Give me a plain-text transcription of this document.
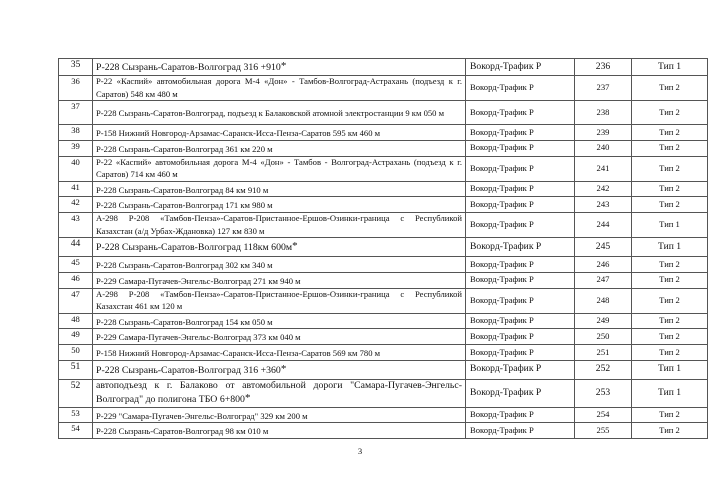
35	Р-228 Сызрань-Саратов-Волгоград 316 +910*	Вокорд-Трафик Р	236	Тип 1
36	Р-22 «Каспий» автомобильная дорога М-4 «Дон» - Тамбов-Волгоград-Астрахань (подъезд к г. Саратов) 548 км 480 м	Вокорд-Трафик Р	237	Тип 2
37	Р-228 Сызрань-Саратов-Волгоград, подъезд к Балаковской атомной электростанции 9 км 050 м	Вокорд-Трафик Р	238	Тип 2
38	Р-158 Нижний Новгород-Арзамас-Саранск-Исса-Пенза-Саратов 595 км 460 м	Вокорд-Трафик Р	239	Тип 2
39	Р-228 Сызрань-Саратов-Волгоград 361 км 220 м	Вокорд-Трафик Р	240	Тип 2
40	Р-22 «Каспий» автомобильная дорога М-4 «Дон» - Тамбов - Волгоград-Астрахань (подъезд к г. Саратов) 714 км 460 м	Вокорд-Трафик Р	241	Тип 2
41	Р-228 Сызрань-Саратов-Волгоград 84 км 910 м	Вокорд-Трафик Р	242	Тип 2
42	Р-228 Сызрань-Саратов-Волгоград 171 км 980 м	Вокорд-Трафик Р	243	Тип 2
43	А-298 Р-208 «Тамбов-Пенза»-Саратов-Пристанное-Ершов-Озинки-граница с Республикой Казахстан (а/д Урбах-Ждановка) 127 км 830 м	Вокорд-Трафик Р	244	Тип 1
44	Р-228 Сызрань-Саратов-Волгоград 118км 600м*	Вокорд-Трафик Р	245	Тип 1
45	Р-228 Сызрань-Саратов-Волгоград 302 км 340 м	Вокорд-Трафик Р	246	Тип 2
46	Р-229 Самара-Пугачев-Энгельс-Волгоград 271 км 940 м	Вокорд-Трафик Р	247	Тип 2
47	А-298 Р-208 «Тамбов-Пенза»-Саратов-Пристанное-Ершов-Озинки-граница с Республикой Казахстан 461 км 120 м	Вокорд-Трафик Р	248	Тип 2
48	Р-228 Сызрань-Саратов-Волгоград 154 км 050 м	Вокорд-Трафик Р	249	Тип 2
49	Р-229 Самара-Пугачев-Энгельс-Волгоград 373 км 040 м	Вокорд-Трафик Р	250	Тип 2
50	Р-158 Нижний Новгород-Арзамас-Саранск-Исса-Пенза-Саратов 569 км 780 м	Вокорд-Трафик Р	251	Тип 2
51	Р-228 Сызрань-Саратов-Волгоград 316 +360*	Вокорд-Трафик Р	252	Тип 1
52	автоподъезд к г. Балаково от автомобильной дороги "Самара-Пугачев-Энгельс-Волгоград" до полигона ТБО 6+800*	Вокорд-Трафик Р	253	Тип 1
53	Р-229 "Самара-Пугачев-Энгельс-Волгоград" 329 км 200 м	Вокорд-Трафик Р	254	Тип 2
54	Р-228 Сызрань-Саратов-Волгоград 98 км 010 м	Вокорд-Трафик Р	255	Тип 2
3
